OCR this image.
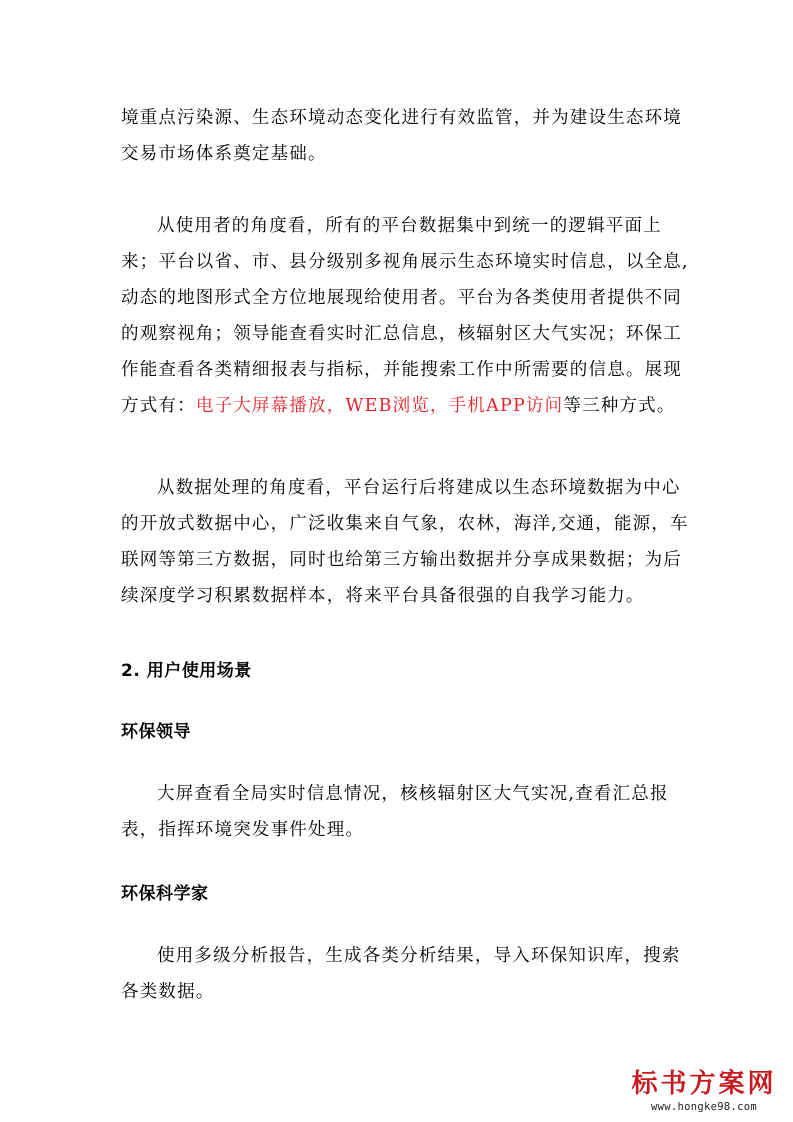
境重点污染源、生态环境动态变化进行有效监管，并为建设生态环境交易市场体系奠定基础。

从使用者的角度看，所有的平台数据集中到统一的逻辑平面上来；平台以省、市、县分级别多视角展示生态环境实时信息，以全息,动态的地图形式全方位地展现给使用者。平台为各类使用者提供不同的观察视角；领导能查看实时汇总信息，核辐射区大气实况；环保工作能查看各类精细报表与指标，并能搜索工作中所需要的信息。展现方式有：电子大屏幕播放，WEB浏览，手机APP访问等三种方式。

从数据处理的角度看，平台运行后将建成以生态环境数据为中心的开放式数据中心，广泛收集来自气象，农林，海洋,交通，能源，车联网等第三方数据，同时也给第三方输出数据并分享成果数据；为后续深度学习积累数据样本，将来平台具备很强的自我学习能力。

2. 用户使用场景
环保领导

大屏查看全局实时信息情况，核核辐射区大气实况,查看汇总报表，指挥环境突发事件处理。

环保科学家

使用多级分析报告，生成各类分析结果，导入环保知识库，搜索各类数据。

标书方案网
www.hongke98.com
